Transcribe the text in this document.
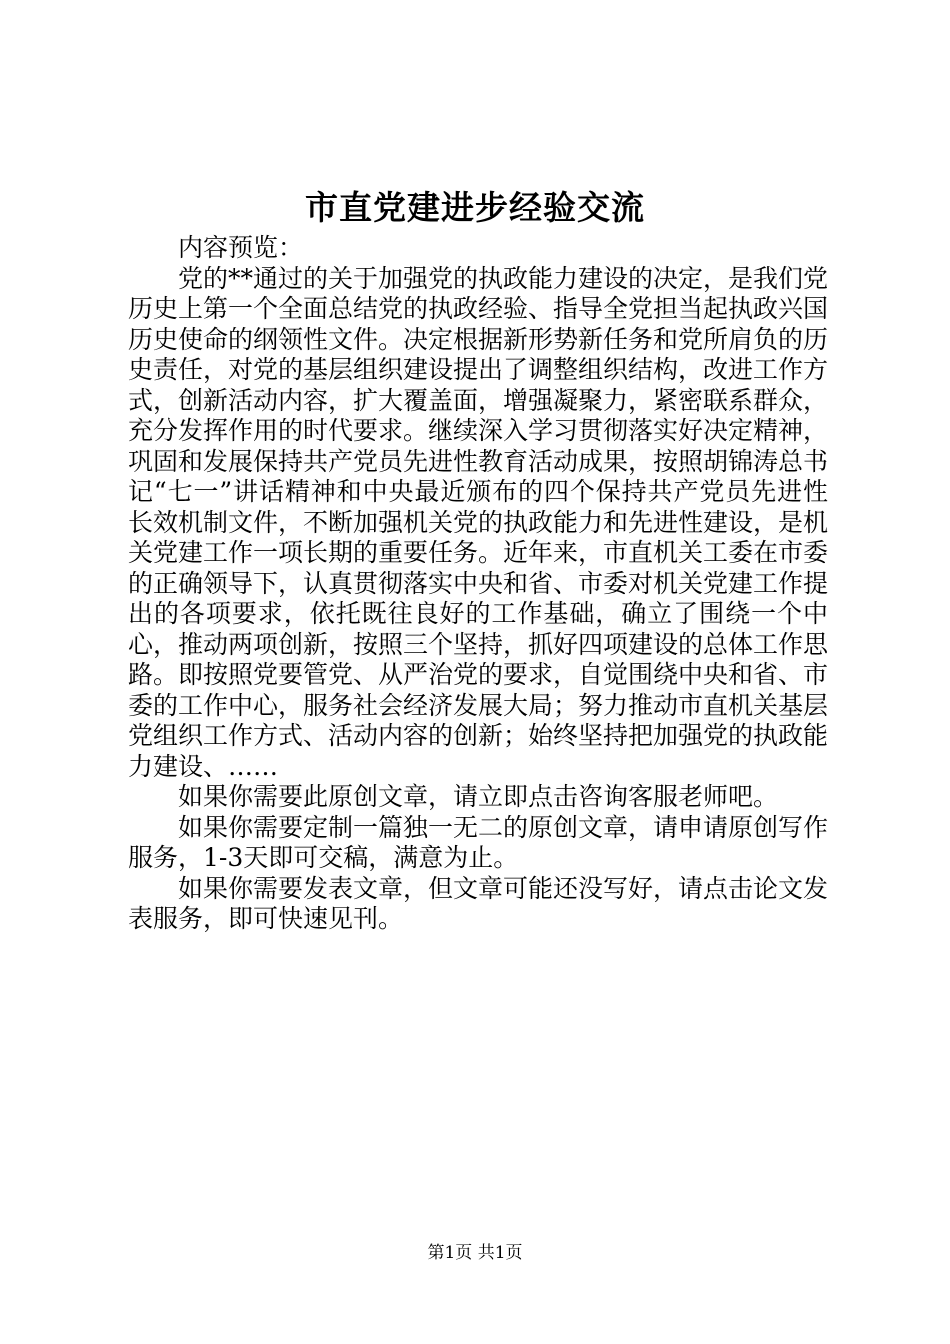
市直党建进步经验交流

内容预览：

党的**通过的关于加强党的执政能力建设的决定，是我们党历史上第一个全面总结党的执政经验、指导全党担当起执政兴国历史使命的纲领性文件。决定根据新形势新任务和党所肩负的历史责任，对党的基层组织建设提出了调整组织结构，改进工作方式，创新活动内容，扩大覆盖面，增强凝聚力，紧密联系群众，充分发挥作用的时代要求。继续深入学习贯彻落实好决定精神，巩固和发展保持共产党员先进性教育活动成果，按照胡锦涛总书记“七一”讲话精神和中央最近颁布的四个保持共产党员先进性长效机制文件，不断加强机关党的执政能力和先进性建设，是机关党建工作一项长期的重要任务。近年来，市直机关工委在市委的正确领导下，认真贯彻落实中央和省、市委对机关党建工作提出的各项要求，依托既往良好的工作基础，确立了围绕一个中心，推动两项创新，按照三个坚持，抓好四项建设的总体工作思路。即按照党要管党、从严治党的要求，自觉围绕中央和省、市委的工作中心，服务社会经济发展大局；努力推动市直机关基层党组织工作方式、活动内容的创新；始终坚持把加强党的执政能力建设、……

如果你需要此原创文章，请立即点击咨询客服老师吧。

如果你需要定制一篇独一无二的原创文章，请申请原创写作服务，1-3天即可交稿，满意为止。

如果你需要发表文章，但文章可能还没写好，请点击论文发表服务，即可快速见刊。

第1页 共1页
